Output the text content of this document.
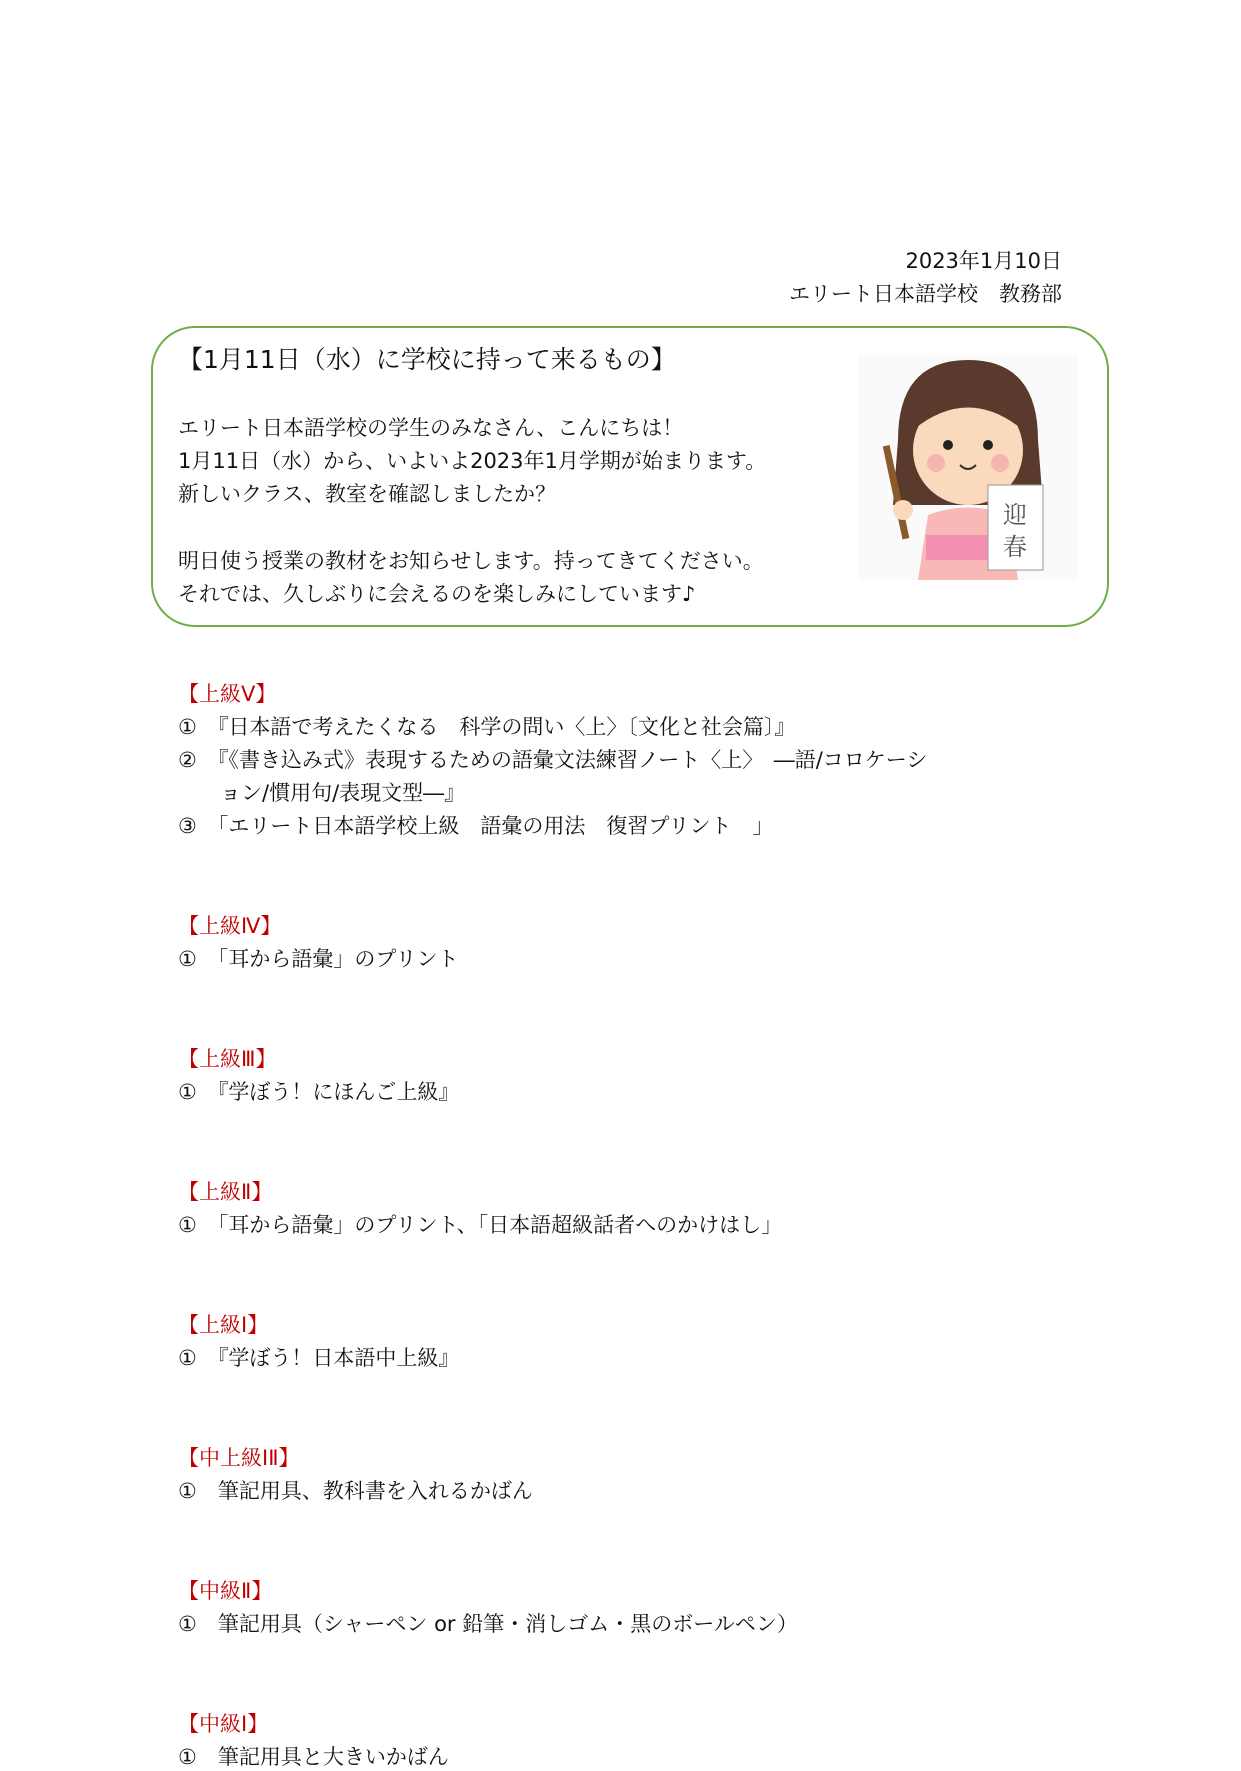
2023年1月10日
エリート日本語学校　教務部
【1月11日（水）に学校に持って来るもの】
エリート日本語学校の学生のみなさん、こんにちは！
1月11日（水）から、いよいよ2023年1月学期が始まります。
新しいクラス、教室を確認しましたか？
明日使う授業の教材をお知らせします。持ってきてください。
それでは、久しぶりに会えるのを楽しみにしています♪
迎
春
【上級Ⅴ】
①　『日本語で考えたくなる　科学の問い〈上〉〔文化と社会篇〕』
②　『《書き込み式》表現するための語彙文法練習ノート〈上〉　―語/コロケーシ
　　ョン/慣用句/表現文型―』
③　「エリート日本語学校上級　語彙の用法　復習プリント　」
【上級Ⅳ】
①　「耳から語彙」のプリント
【上級Ⅲ】
①　『学ぼう！にほんご上級』
【上級Ⅱ】
①　「耳から語彙」のプリント、「日本語超級話者へのかけはし」
【上級Ⅰ】
①　『学ぼう！日本語中上級』
【中上級ⅠⅡ】
①　筆記用具、教科書を入れるかばん
【中級Ⅱ】
①　筆記用具（シャーペン or 鉛筆・消しゴム・黒のボールペン）
【中級Ⅰ】
①　筆記用具と大きいかばん
